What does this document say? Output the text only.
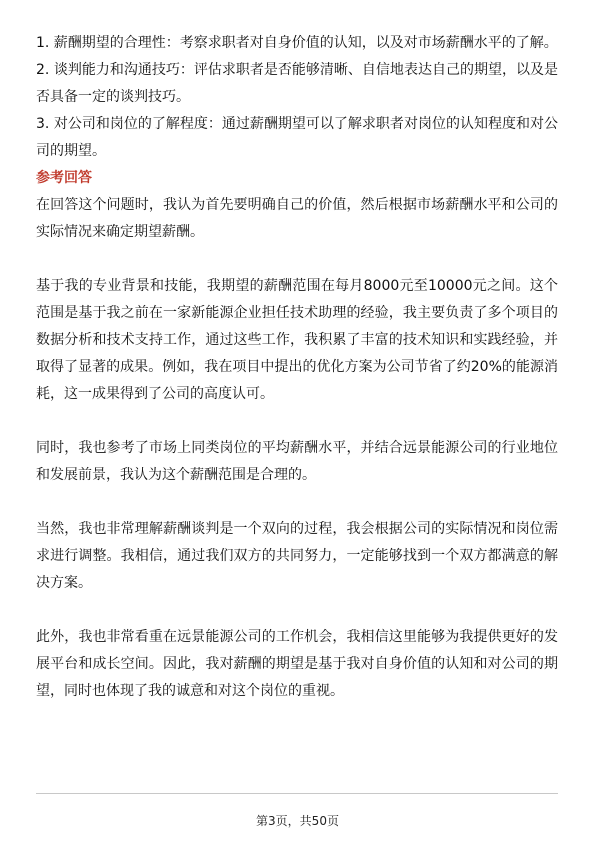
1. 薪酬期望的合理性：考察求职者对自身价值的认知，以及对市场薪酬水平的了解。

2. 谈判能力和沟通技巧：评估求职者是否能够清晰、自信地表达自己的期望，以及是否具备一定的谈判技巧。

3. 对公司和岗位的了解程度：通过薪酬期望可以了解求职者对岗位的认知程度和对公司的期望。

参考回答

在回答这个问题时，我认为首先要明确自己的价值，然后根据市场薪酬水平和公司的实际情况来确定期望薪酬。

基于我的专业背景和技能，我期望的薪酬范围在每月8000元至10000元之间。这个范围是基于我之前在一家新能源企业担任技术助理的经验，我主要负责了多个项目的数据分析和技术支持工作，通过这些工作，我积累了丰富的技术知识和实践经验，并取得了显著的成果。例如，我在项目中提出的优化方案为公司节省了约20%的能源消耗，这一成果得到了公司的高度认可。

同时，我也参考了市场上同类岗位的平均薪酬水平，并结合远景能源公司的行业地位和发展前景，我认为这个薪酬范围是合理的。

当然，我也非常理解薪酬谈判是一个双向的过程，我会根据公司的实际情况和岗位需求进行调整。我相信，通过我们双方的共同努力，一定能够找到一个双方都满意的解决方案。

此外，我也非常看重在远景能源公司的工作机会，我相信这里能够为我提供更好的发展平台和成长空间。因此，我对薪酬的期望是基于我对自身价值的认知和对公司的期望，同时也体现了我的诚意和对这个岗位的重视。

第3页，共50页
